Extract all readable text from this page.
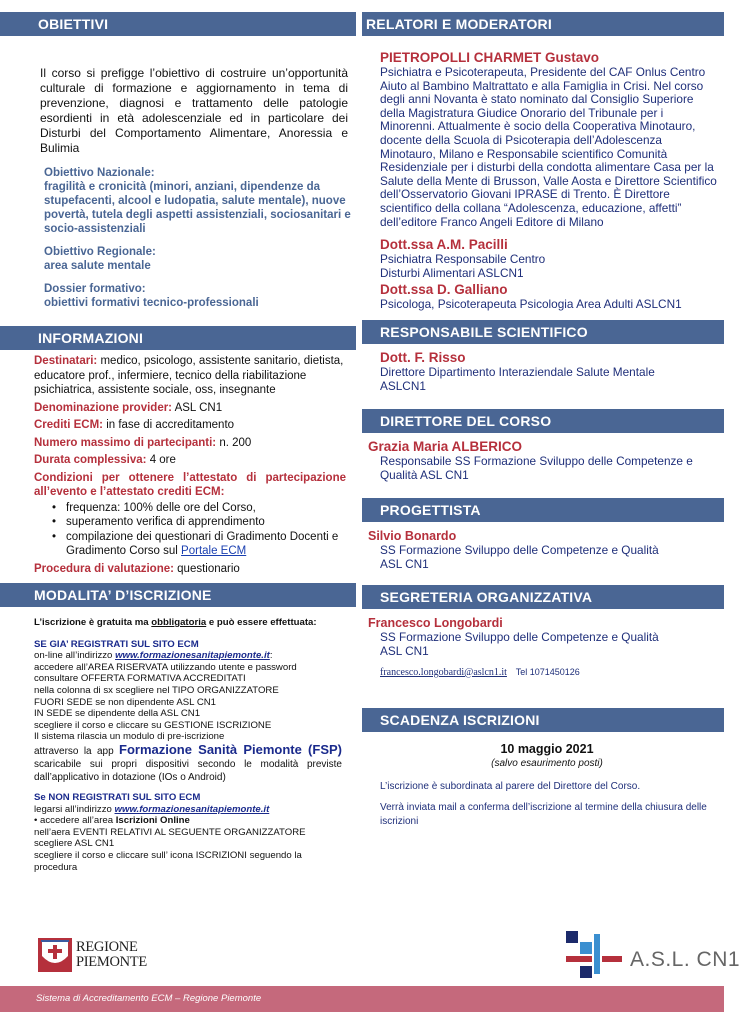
OBIETTIVI

Il corso si prefigge l’obiettivo di costruire un’opportunità culturale di formazione e aggiornamento in tema di prevenzione, diagnosi e trattamento delle patologie esordienti in età adolescenziale ed in particolare dei Disturbi del Comportamento Alimentare, Anoressia e Bulimia

Obiettivo Nazionale:
fragilità e cronicità (minori, anziani, dipendenze da stupefacenti, alcool e ludopatia, salute mentale), nuove povertà, tutela degli aspetti assistenziali, sociosanitari e socio-assistenziali
Obiettivo Regionale:
area salute mentale
Dossier formativo:
obiettivi formativi tecnico-professionali
INFORMAZIONI

Destinatari: medico, psicologo, assistente sanitario, dietista, educatore prof., infermiere, tecnico della riabilitazione psichiatrica, assistente sociale, oss, insegnante

Denominazione provider: ASL CN1

Crediti ECM: in fase di accreditamento

Numero massimo di partecipanti: n. 200

Durata complessiva: 4 ore

Condizioni per ottenere l’attestato di partecipazione all’evento e l’attestato crediti ECM:

• frequenza: 100% delle ore del Corso,
• superamento verifica di apprendimento
• compilazione dei questionari di Gradimento Docenti e Gradimento Corso sul Portale ECM

Procedura di valutazione: questionario

MODALITA’ D’ISCRIZIONE

L’iscrizione è gratuita ma obbligatoria e può essere effettuata:

SE GIA’ REGISTRATI SUL SITO ECM

on-line all’indirizzo www.formazionesanitapiemonte.it:

accedere all’AREA RISERVATA utilizzando utente e password

consultare OFFERTA FORMATIVA ACCREDITATI

nella colonna di sx scegliere nel TIPO ORGANIZZATORE

FUORI SEDE se non dipendente ASL CN1

IN SEDE se dipendente della ASL CN1

scegliere il corso e cliccare su GESTIONE ISCRIZIONE

Il sistema rilascia un modulo di pre-iscrizione

attraverso la app Formazione Sanità Piemonte (FSP) scaricabile sui propri dispositivi secondo le modalità previste dall’applicativo in dotazione (IOs o Android)

Se NON REGISTRATI SUL SITO ECM

legarsi all’indirizzo www.formazionesanitapiemonte.it

• accedere all’area Iscrizioni Online

nell’aera EVENTI RELATIVI AL SEGUENTE ORGANIZZATORE

scegliere ASL CN1

scegliere il corso e cliccare sull’ icona ISCRIZIONI seguendo la procedura

RELATORI E MODERATORI
PIETROPOLLI CHARMET Gustavo
Psichiatra e Psicoterapeuta, Presidente del CAF Onlus Centro Aiuto al Bambino Maltrattato e alla Famiglia in Crisi. Nel corso degli anni Novanta è stato nominato dal Consiglio Superiore della Magistratura Giudice Onorario del Tribunale per i Minorenni. Attualmente è socio della Cooperativa Minotauro, docente della Scuola di Psicoterapia dell’Adolescenza Minotauro, Milano e Responsabile scientifico Comunità Residenziale per i disturbi della condotta alimentare Casa per la Salute della Mente di Brusson, Valle Aosta e Direttore Scientifico dell’Osservatorio Giovani IPRASE di Trento. È Direttore scientifico della collana “Adolescenza, educazione, affetti” dell’editore Franco Angeli Editore di Milano
Dott.ssa A.M. Pacilli
Psichiatra Responsabile Centro Disturbi Alimentari ASLCN1
Dott.ssa D. Galliano
Psicologa, Psicoterapeuta Psicologia Area Adulti ASLCN1
RESPONSABILE SCIENTIFICO
Dott. F. Risso
Direttore Dipartimento Interaziendale Salute Mentale ASLCN1
DIRETTORE DEL CORSO
Grazia Maria ALBERICO
Responsabile SS Formazione Sviluppo delle Competenze e Qualità ASL CN1
PROGETTISTA
Silvio Bonardo
SS Formazione Sviluppo delle Competenze e Qualità ASL CN1
SEGRETERIA ORGANIZZATIVA
Francesco Longobardi
SS Formazione Sviluppo delle Competenze e Qualità ASL CN1
francesco.longobardi@aslcn1.it Tel 1071450126
SCADENZA ISCRIZIONI
10 maggio 2021
(salvo esaurimento posti)

L’iscrizione è subordinata al parere del Direttore del Corso.

Verrà inviata mail a conferma dell’iscrizione al termine della chiusura delle iscrizioni

REGIONE
PIEMONTE	A.S.L. CN1
Sistema di Accreditamento ECM – Regione Piemonte
